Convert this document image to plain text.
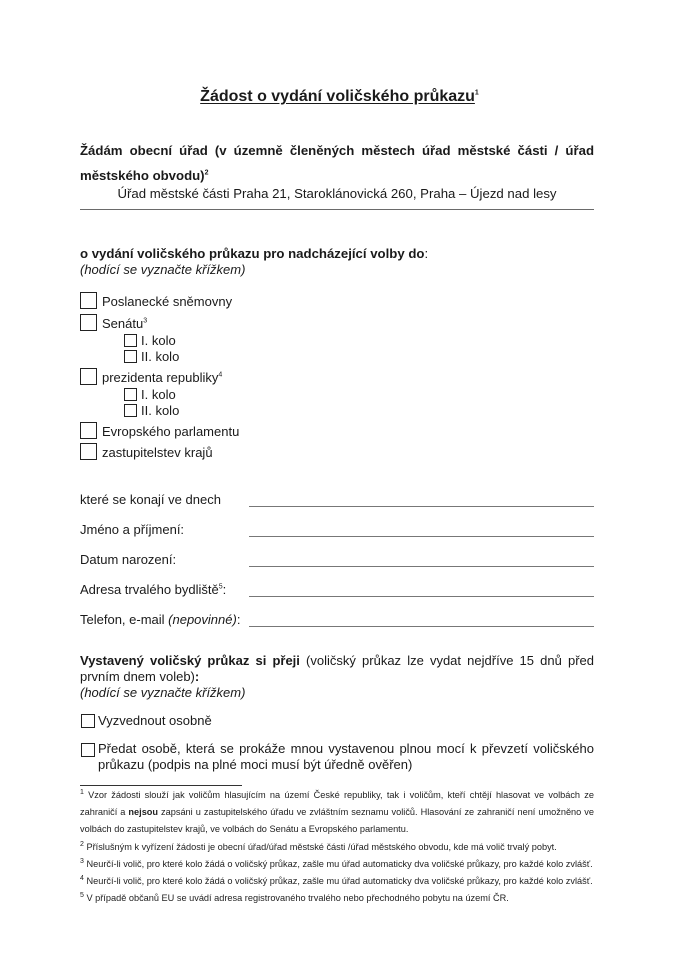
Žádost o vydání voličského průkazu$^1$
Žádám obecní úřad (v územně členěných městech úřad městské části / úřad
městského obvodu)$^2$
Úřad městské části Praha 21, Staroklánovická 260, Praha – Újezd nad lesy
o vydání voličského průkazu pro nadcházející volby do:
(hodící se vyznačte křížkem)
Poslanecké sněmovny
Senátu$^3$
I. kolo
II. kolo
prezidenta republiky$^4$
I. kolo
II. kolo
Evropského parlamentu
zastupitelstev krajů
které se konají ve dnech
Jméno a příjmení:
Datum narození:
Adresa trvalého bydliště$^5$:
Telefon, e-mail (nepovinné):
Vystavený voličský průkaz si přeji (voličský průkaz lze vydat nejdříve 15 dnů před prvním dnem voleb):
(hodící se vyznačte křížkem)
Vyzvednout osobně
Předat osobě, která se prokáže mnou vystavenou plnou mocí k převzetí voličského průkazu (podpis na plné moci musí být úředně ověřen)
$^1$ Vzor žádosti slouží jak voličům hlasujícím na území České republiky, tak i voličům, kteří chtějí hlasovat ve volbách ze zahraničí a nejsou zapsáni u zastupitelského úřadu ve zvláštním seznamu voličů. Hlasování ze zahraničí není umožněno ve volbách do zastupitelstev krajů, ve volbách do Senátu a Evropského parlamentu.
$^2$ Příslušným k vyřízení žádosti je obecní úřad/úřad městské části /úřad městského obvodu, kde má volič trvalý pobyt.
$^3$ Neurčí-li volič, pro které kolo žádá o voličský průkaz, zašle mu úřad automaticky dva voličské průkazy, pro každé kolo zvlášť.
$^4$ Neurčí-li volič, pro které kolo žádá o voličský průkaz, zašle mu úřad automaticky dva voličské průkazy, pro každé kolo zvlášť.
$^5$ V případě občanů EU se uvádí adresa registrovaného trvalého nebo přechodného pobytu na území ČR.
